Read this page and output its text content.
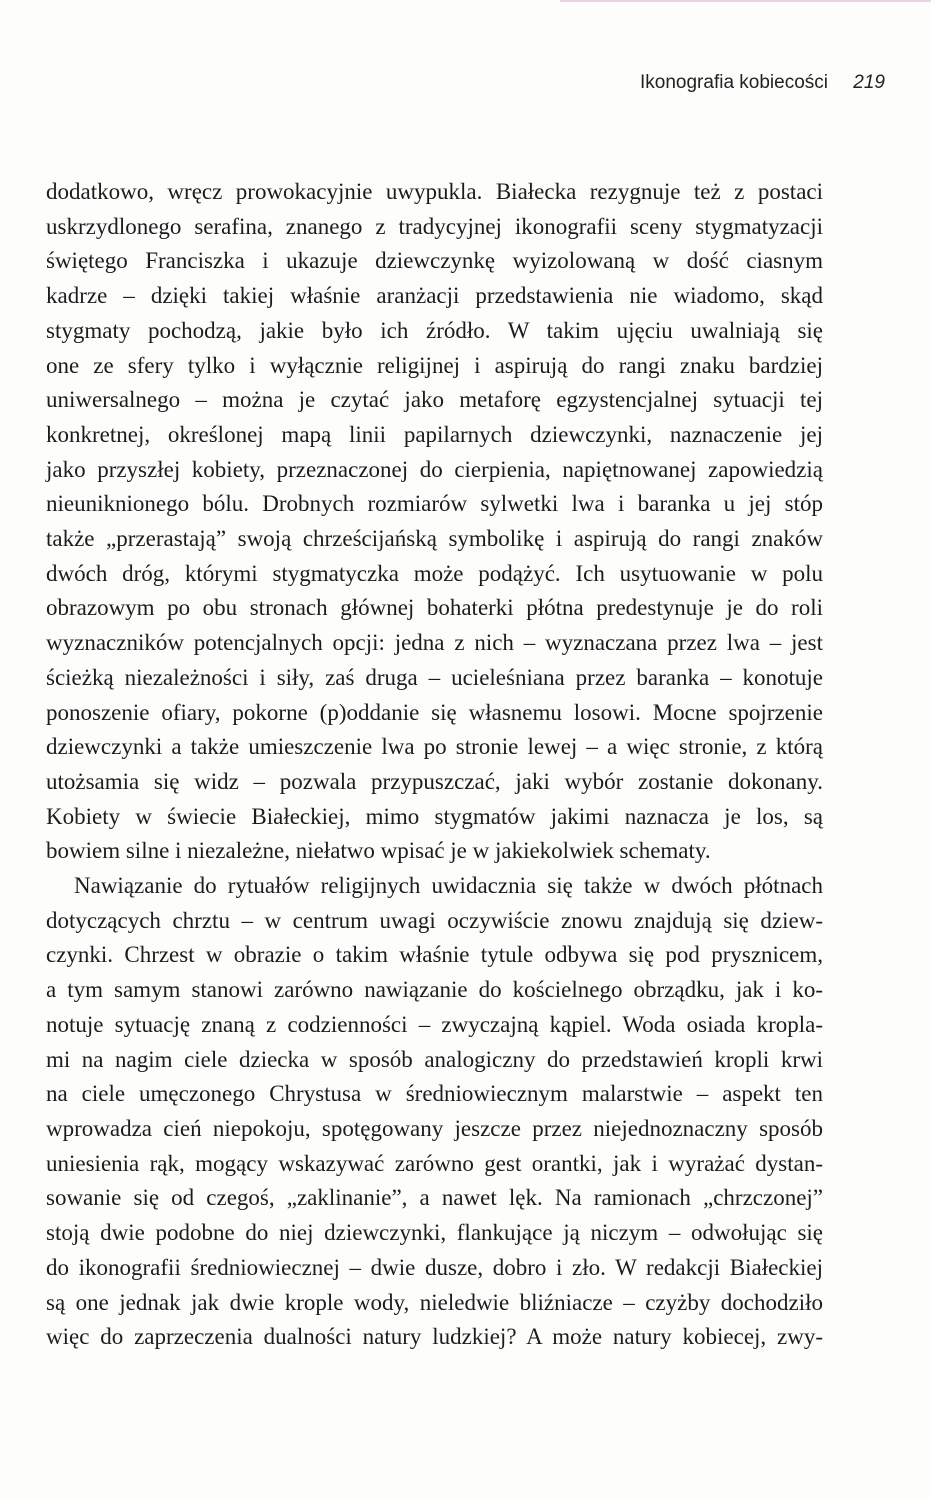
Ikonografia kobiecości 219

dodatkowo, wręcz prowokacyjnie uwypukla. Białecka rezygnuje też z postaci
uskrzydlonego serafina, znanego z tradycyjnej ikonografii sceny stygmatyzacji
świętego Franciszka i ukazuje dziewczynkę wyizolowaną w dość ciasnym
kadrze – dzięki takiej właśnie aranżacji przedstawienia nie wiadomo, skąd
stygmaty pochodzą, jakie było ich źródło. W takim ujęciu uwalniają się
one ze sfery tylko i wyłącznie religijnej i aspirują do rangi znaku bardziej
uniwersalnego – można je czytać jako metaforę egzystencjalnej sytuacji tej
konkretnej, określonej mapą linii papilarnych dziewczynki, naznaczenie jej
jako przyszłej kobiety, przeznaczonej do cierpienia, napiętnowanej zapowiedzią
nieuniknionego bólu. Drobnych rozmiarów sylwetki lwa i baranka u jej stóp
także „przerastają” swoją chrześcijańską symbolikę i aspirują do rangi znaków
dwóch dróg, którymi stygmatyczka może podążyć. Ich usytuowanie w polu
obrazowym po obu stronach głównej bohaterki płótna predestynuje je do roli
wyznaczników potencjalnych opcji: jedna z nich – wyznaczana przez lwa – jest
ścieżką niezależności i siły, zaś druga – ucieleśniana przez baranka – konotuje
ponoszenie ofiary, pokorne (p)oddanie się własnemu losowi. Mocne spojrzenie
dziewczynki a także umieszczenie lwa po stronie lewej – a więc stronie, z którą
utożsamia się widz – pozwala przypuszczać, jaki wybór zostanie dokonany.
Kobiety w świecie Białeckiej, mimo stygmatów jakimi naznacza je los, są
bowiem silne i niezależne, niełatwo wpisać je w jakiekolwiek schematy.

Nawiązanie do rytuałów religijnych uwidacznia się także w dwóch płótnach
dotyczących chrztu – w centrum uwagi oczywiście znowu znajdują się dziew-
czynki. Chrzest w obrazie o takim właśnie tytule odbywa się pod prysznicem,
a tym samym stanowi zarówno nawiązanie do kościelnego obrządku, jak i ko-
notuje sytuację znaną z codzienności – zwyczajną kąpiel. Woda osiada kropla-
mi na nagim ciele dziecka w sposób analogiczny do przedstawień kropli krwi
na ciele umęczonego Chrystusa w średniowiecznym malarstwie – aspekt ten
wprowadza cień niepokoju, spotęgowany jeszcze przez niejednoznaczny sposób
uniesienia rąk, mogący wskazywać zarówno gest orantki, jak i wyrażać dystan-
sowanie się od czegoś, „zaklinanie”, a nawet lęk. Na ramionach „chrzczonej”
stoją dwie podobne do niej dziewczynki, flankujące ją niczym – odwołując się
do ikonografii średniowiecznej – dwie dusze, dobro i zło. W redakcji Białeckiej
są one jednak jak dwie krople wody, nieledwie bliźniacze – czyżby dochodziło
więc do zaprzeczenia dualności natury ludzkiej? A może natury kobiecej, zwy-
